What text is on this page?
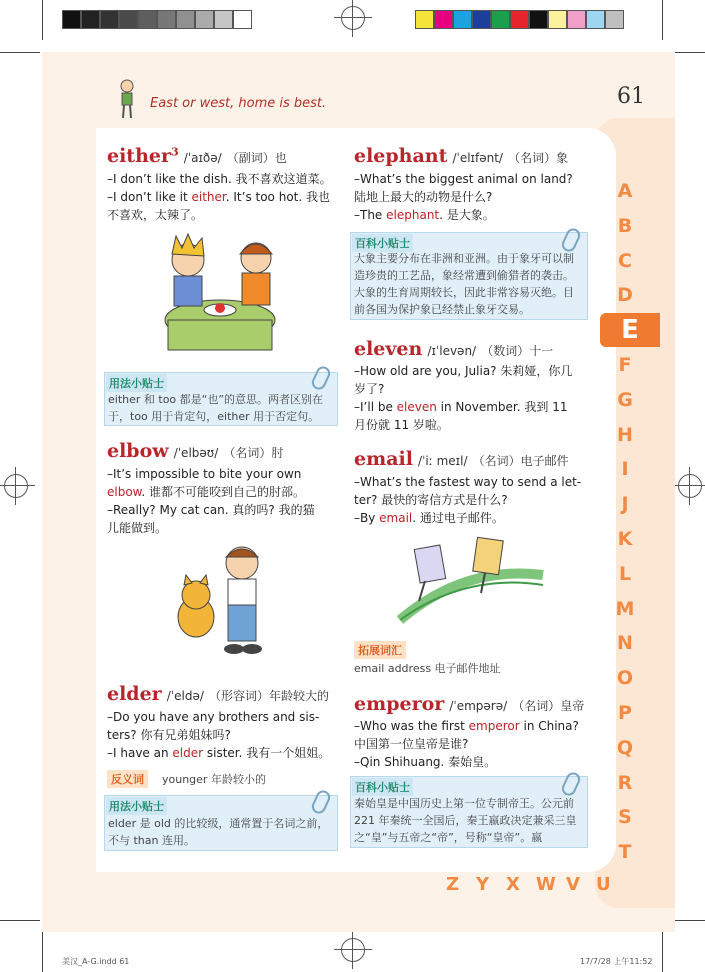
East or west, home is best.	61
A
B
C
D
E
F
G
H
I
J
K
L
M
N
O
P
Q
R
S
T
Z Y X W V U
either$^3$ /ˈaɪðə/ （副词）也
–I don’t like the dish. 我不喜欢这道菜。
–I don’t like it either. It’s too hot. 我也
不喜欢，太辣了。
用法小贴士
either 和 too 都是“也”的意思。两者区别在
于，too 用于肯定句，either 用于否定句。
elbow /ˈelbəʊ/ （名词）肘
–It’s impossible to bite your own
elbow. 谁都不可能咬到自己的肘部。
–Really? My cat can. 真的吗? 我的猫
儿能做到。
elder /ˈeldə/ （形容词）年龄较大的
–Do you have any brothers and sis-
ters? 你有兄弟姐妹吗?
–I have an elder sister. 我有一个姐姐。
反义词	younger 年龄较小的
用法小贴士
elder 是 old 的比较级，通常置于名词之前，
不与 than 连用。
elephant /ˈelɪfənt/ （名词）象
–What’s the biggest animal on land?
陆地上最大的动物是什么?
–The elephant. 是大象。
百科小贴士
大象主要分布在非洲和亚洲。由于象牙可以制
造珍贵的工艺品，象经常遭到偷猎者的袭击。
大象的生育周期较长，因此非常容易灭绝。目
前各国为保护象已经禁止象牙交易。
eleven /ɪˈlevən/ （数词）十一
–How old are you, Julia? 朱莉娅，你几
岁了?
–I’ll be eleven in November. 我到 11
月份就 11 岁啦。
email /ˈiː meɪl/ （名词）电子邮件
–What’s the fastest way to send a let-
ter? 最快的寄信方式是什么?
–By email. 通过电子邮件。
拓展词汇
email address 电子邮件地址
emperor /ˈempərə/ （名词）皇帝
–Who was the first emperor in China?
中国第一位皇帝是谁?
–Qin Shihuang. 秦始皇。
百科小贴士
秦始皇是中国历史上第一位专制帝王。公元前
221 年秦统一全国后，秦王嬴政决定兼采三皇
之“皇”与五帝之“帝”，号称“皇帝”。嬴
美汉_A-G.indd 61	17/7/28 上午11:52
